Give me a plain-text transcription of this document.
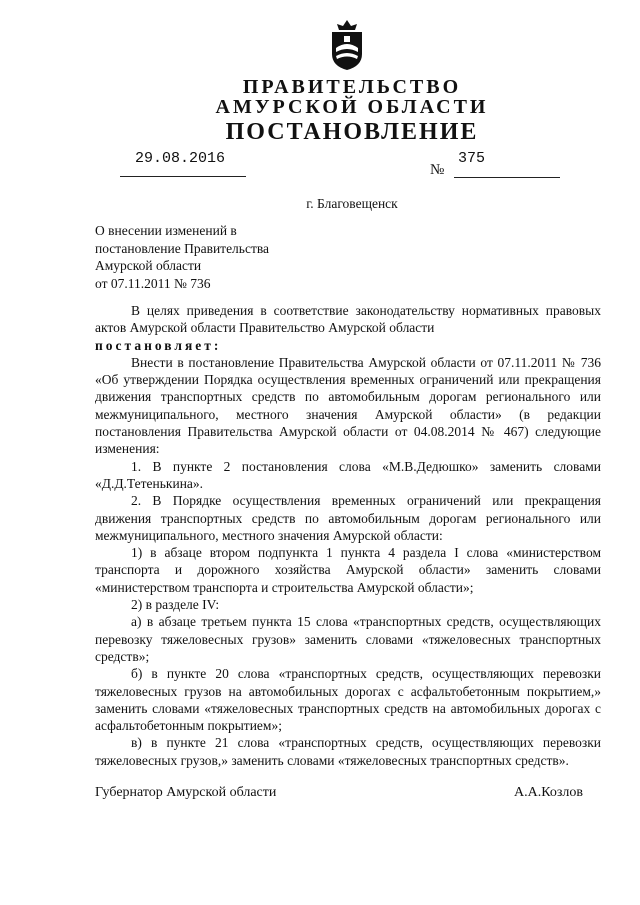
ПРАВИТЕЛЬСТВО
АМУРСКОЙ ОБЛАСТИ
ПОСТАНОВЛЕНИЕ
29.08.2016
№
375
г. Благовещенск
О внесении изменений в
постановление Правительства
Амурской области
от 07.11.2011 № 736

В целях приведения в соответствие законодательству нормативных правовых актов Амурской области Правительство Амурской области

постановляет:

Внести в постановление Правительства Амурской области от 07.11.2011 № 736 «Об утверждении Порядка осуществления временных ограничений или прекращения движения транспортных средств по автомобильным дорогам регионального или межмуниципального, местного значения Амурской области» (в редакции постановления Правительства Амурской области от 04.08.2014 № 467) следующие изменения:

1. В пункте 2 постановления слова «М.В.Дедюшко» заменить словами «Д.Д.Тетенькина».

2. В Порядке осуществления временных ограничений или прекращения движения транспортных средств по автомобильным дорогам регионального или межмуниципального, местного значения Амурской области:

1) в абзаце втором подпункта 1 пункта 4 раздела I слова «министерством транспорта и дорожного хозяйства Амурской области» заменить словами «министерством транспорта и строительства Амурской области»;

2) в разделе IV:

а) в абзаце третьем пункта 15 слова «транспортных средств, осуществляющих перевозку тяжеловесных грузов» заменить словами «тяжеловесных транспортных средств»;

б) в пункте 20 слова «транспортных средств, осуществляющих перевозки тяжеловесных грузов на автомобильных дорогах с асфальтобетонным покрытием,» заменить словами «тяжеловесных транспортных средств на автомобильных дорогах с асфальтобетонным покрытием»;

в) в пункте 21 слова «транспортных средств, осуществляющих перевозки тяжеловесных грузов,» заменить словами «тяжеловесных транспортных средств».

Губернатор Амурской области	А.А.Козлов
